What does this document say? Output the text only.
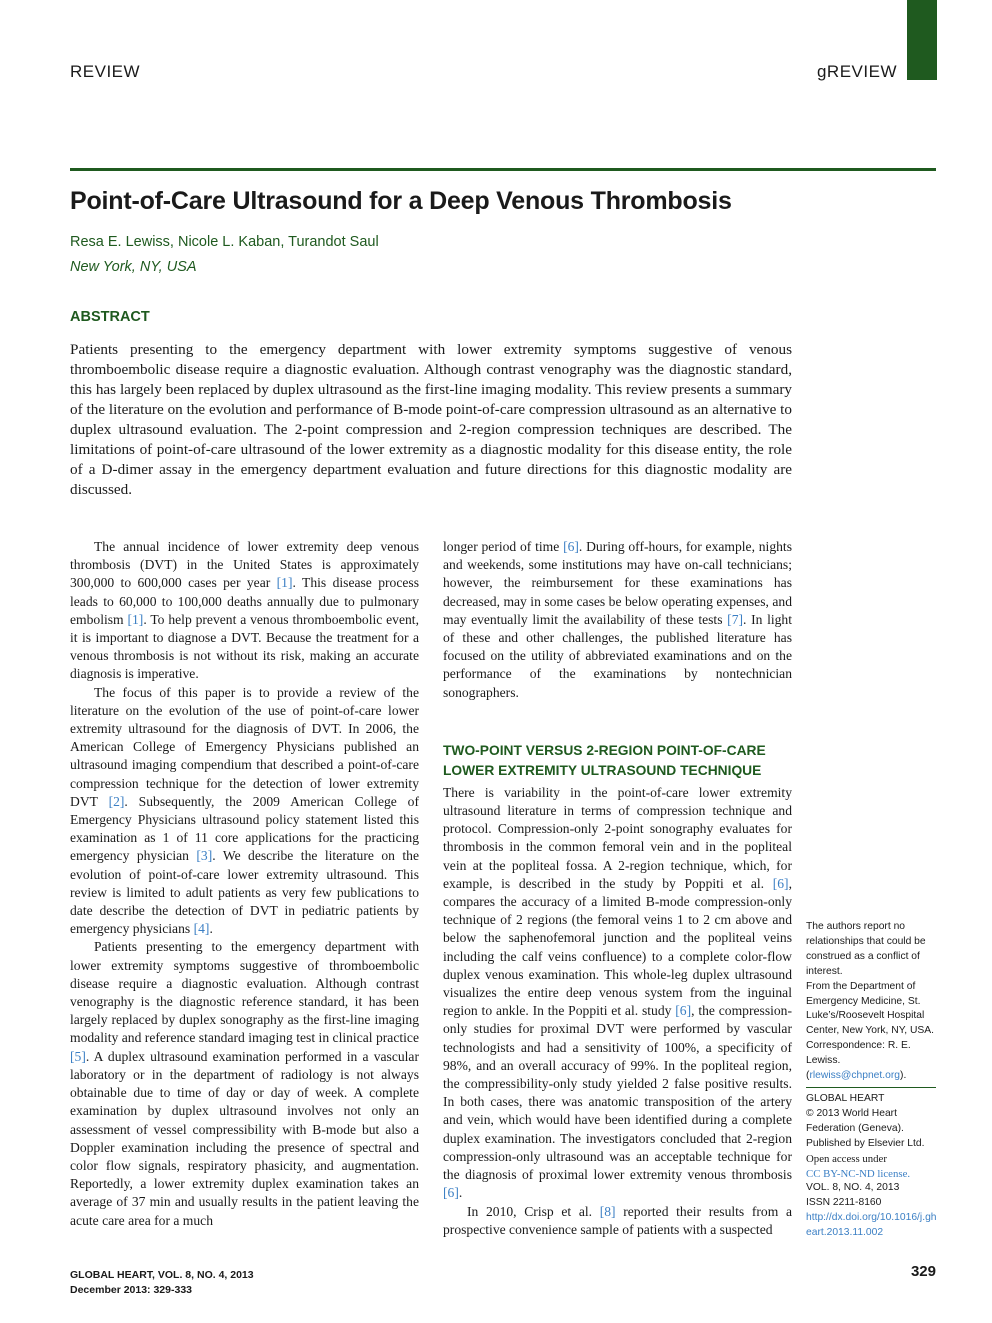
REVIEW	gREVIEW
Point-of-Care Ultrasound for a Deep Venous Thrombosis
Resa E. Lewiss, Nicole L. Kaban, Turandot Saul
New York, NY, USA
ABSTRACT

Patients presenting to the emergency department with lower extremity symptoms suggestive of venous thromboembolic disease require a diagnostic evaluation. Although contrast venography was the diagnostic standard, this has largely been replaced by duplex ultrasound as the first-line imaging modality. This review presents a summary of the literature on the evolution and performance of B-mode point-of-care compression ultrasound as an alternative to duplex ultrasound evaluation. The 2-point compression and 2-region compression techniques are described. The limitations of point-of-care ultrasound of the lower extremity as a diagnostic modality for this disease entity, the role of a D-dimer assay in the emergency department evaluation and future directions for this diagnostic modality are discussed.

The annual incidence of lower extremity deep venous thrombosis (DVT) in the United States is approximately 300,000 to 600,000 cases per year [1]. This disease process leads to 60,000 to 100,000 deaths annually due to pulmonary embolism [1]. To help prevent a venous thromboembolic event, it is important to diagnose a DVT. Because the treatment for a venous thrombosis is not without its risk, making an accurate diagnosis is imperative.

The focus of this paper is to provide a review of the literature on the evolution of the use of point-of-care lower extremity ultrasound for the diagnosis of DVT. In 2006, the American College of Emergency Physicians published an ultrasound imaging compendium that described a point-of-care compression technique for the detection of lower extremity DVT [2]. Subsequently, the 2009 American College of Emergency Physicians ultrasound policy statement listed this examination as 1 of 11 core applications for the practicing emergency physician [3]. We describe the literature on the evolution of point-of-care lower extremity ultrasound. This review is limited to adult patients as very few publications to date describe the detection of DVT in pediatric patients by emergency physicians [4].

Patients presenting to the emergency department with lower extremity symptoms suggestive of thromboembolic disease require a diagnostic evaluation. Although contrast venography is the diagnostic reference standard, it has been largely replaced by duplex sonography as the first-line imaging modality and reference standard imaging test in clinical practice [5]. A duplex ultrasound examination performed in a vascular laboratory or in the department of radiology is not always obtainable due to time of day or day of week. A complete examination by duplex ultrasound involves not only an assessment of vessel compressibility with B-mode but also a Doppler examination including the presence of spectral and color flow signals, respiratory phasicity, and augmentation. Reportedly, a lower extremity duplex examination takes an average of 37 min and usually results in the patient leaving the acute care area for a much

longer period of time [6]. During off-hours, for example, nights and weekends, some institutions may have on-call technicians; however, the reimbursement for these examinations has decreased, may in some cases be below operating expenses, and may eventually limit the availability of these tests [7]. In light of these and other challenges, the published literature has focused on the utility of abbreviated examinations and on the performance of the examinations by nontechnician sonographers.

TWO-POINT VERSUS 2-REGION POINT-OF-CARE LOWER EXTREMITY ULTRASOUND TECHNIQUE

There is variability in the point-of-care lower extremity ultrasound literature in terms of compression technique and protocol. Compression-only 2-point sonography evaluates for thrombosis in the common femoral vein and in the popliteal vein at the popliteal fossa. A 2-region technique, which, for example, is described in the study by Poppiti et al. [6], compares the accuracy of a limited B-mode compression-only technique of 2 regions (the femoral veins 1 to 2 cm above and below the saphenofemoral junction and the popliteal veins including the calf veins confluence) to a complete color-flow duplex venous examination. This whole-leg duplex ultrasound visualizes the entire deep venous system from the inguinal region to ankle. In the Poppiti et al. study [6], the compression-only studies for proximal DVT were performed by vascular technologists and had a sensitivity of 100%, a specificity of 98%, and an overall accuracy of 99%. In the popliteal region, the compressibility-only study yielded 2 false positive results. In both cases, there was anatomic transposition of the artery and vein, which would have been identified during a complete duplex examination. The investigators concluded that 2-region compression-only ultrasound was an acceptable technique for the diagnosis of proximal lower extremity venous thrombosis [6].

In 2010, Crisp et al. [8] reported their results from a prospective convenience sample of patients with a suspected

The authors report no relationships that could be construed as a conflict of interest.

From the Department of Emergency Medicine, St. Luke’s/Roosevelt Hospital Center, New York, NY, USA. Correspondence: R. E. Lewiss. (rlewiss@chpnet.org).

GLOBAL HEART

© 2013 World Heart Federation (Geneva). Published by Elsevier Ltd.

Open access under

CC BY-NC-ND license.

VOL. 8, NO. 4, 2013

ISSN 2211-8160

http://dx.doi.org/10.1016/j.gheart.2013.11.002

GLOBAL HEART, VOL. 8, NO. 4, 2013
December 2013: 329-333
329
